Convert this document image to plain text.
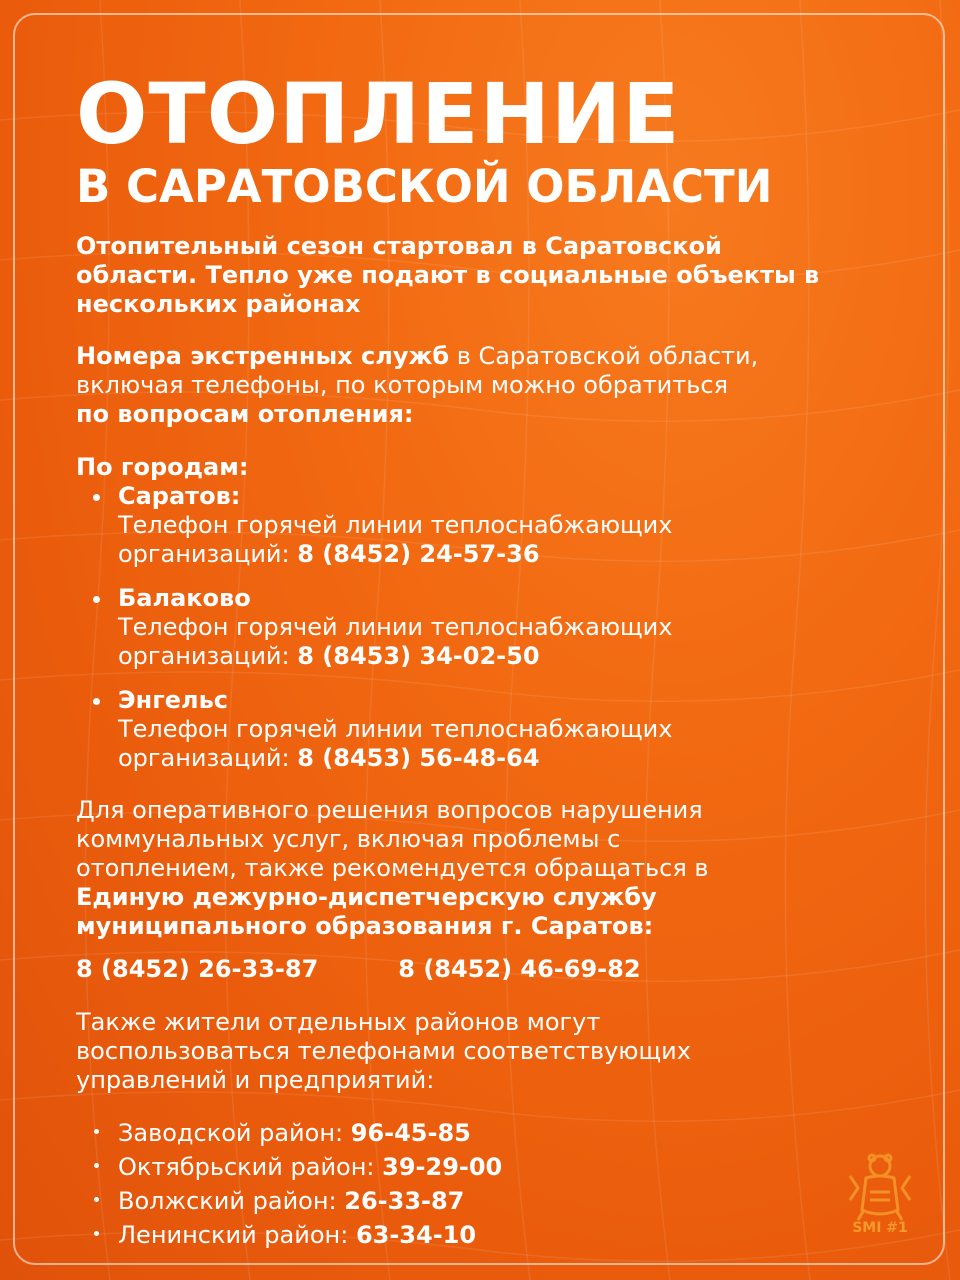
ОТОПЛЕНИЕ
В САРАТОВСКОЙ ОБЛАСТИ
Отопительный сезон стартовал в Саратовской
области. Тепло уже подают в социальные объекты в
нескольких районах
Номера экстренных служб в Саратовской области,
включая телефоны, по которым можно обратиться
по вопросам отопления:
По городам:
Саратов:
Телефон горячей линии теплоснабжающих
организаций: 8 (8452) 24-57-36
Балаково
Телефон горячей линии теплоснабжающих
организаций: 8 (8453) 34-02-50
Энгельс
Телефон горячей линии теплоснабжающих
организаций: 8 (8453) 56-48-64
Для оперативного решения вопросов нарушения
коммунальных услуг, включая проблемы с
отоплением, также рекомендуется обращаться в
Единую дежурно-диспетчерскую службу
муниципального образования г. Саратов:
8 (8452) 26-33-87	8 (8452) 46-69-82
Также жители отдельных районов могут
воспользоваться телефонами соответствующих
управлений и предприятий:
Заводской район: 96-45-85
Октябрьский район: 39-29-00
Волжский район: 26-33-87
Ленинский район: 63-34-10	SMI #1
